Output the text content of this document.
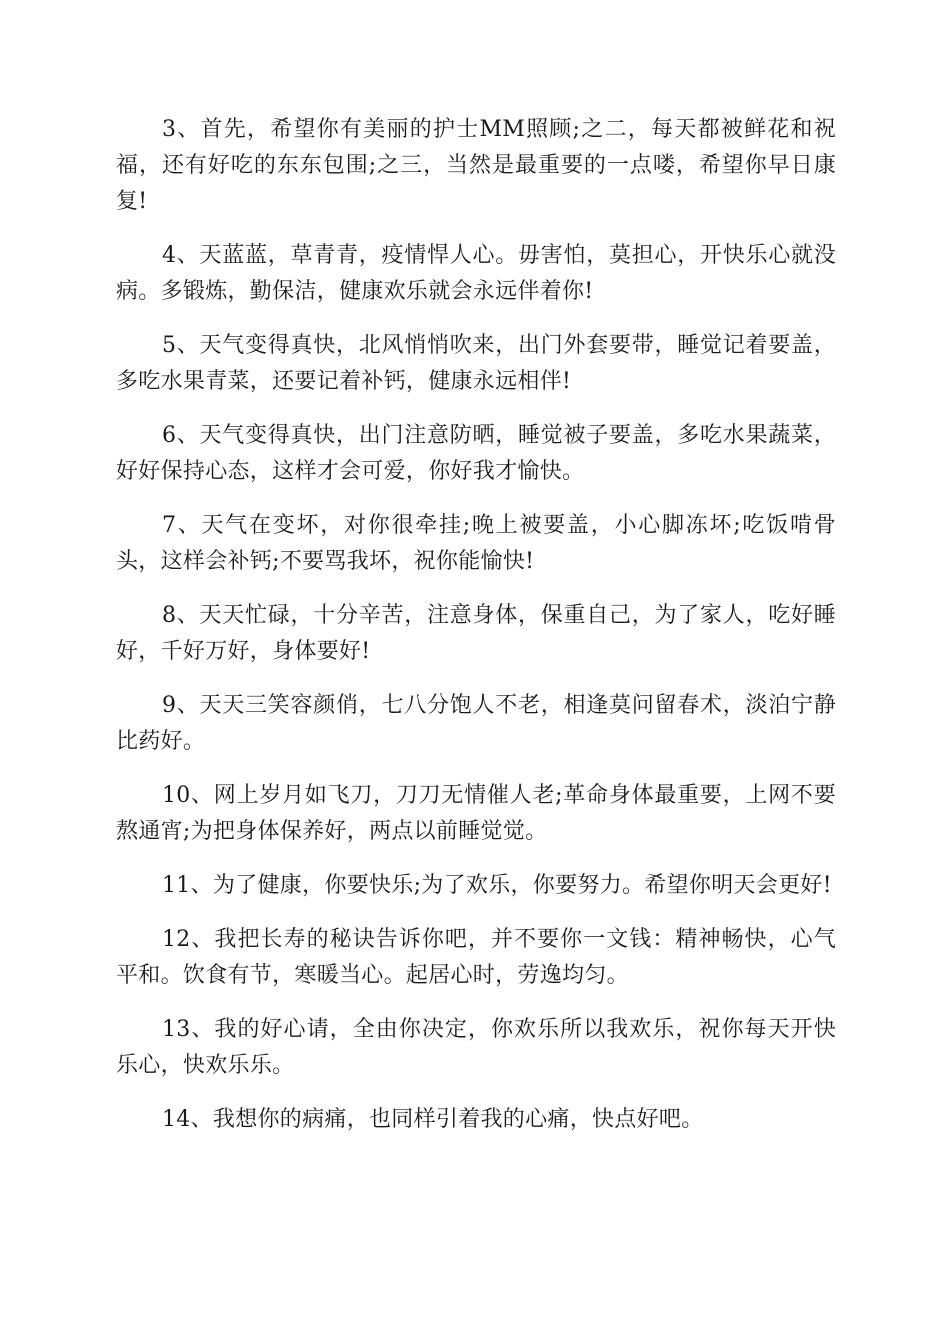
3、首先，希望你有美丽的护士MM照顾;之二，每天都被鲜花和祝福，还有好吃的东东包围;之三，当然是最重要的一点喽，希望你早日康复!

4、天蓝蓝，草青青，疫情悍人心。毋害怕，莫担心，开快乐心就没病。多锻炼，勤保洁，健康欢乐就会永远伴着你!

5、天气变得真快，北风悄悄吹来，出门外套要带，睡觉记着要盖，多吃水果青菜，还要记着补钙，健康永远相伴!

6、天气变得真快，出门注意防晒，睡觉被子要盖，多吃水果蔬菜，好好保持心态，这样才会可爱，你好我才愉快。

7、天气在变坏，对你很牵挂;晚上被要盖，小心脚冻坏;吃饭啃骨头，这样会补钙;不要骂我坏，祝你能愉快!

8、天天忙碌，十分辛苦，注意身体，保重自己，为了家人，吃好睡好，千好万好，身体要好!

9、天天三笑容颜俏，七八分饱人不老，相逢莫问留春术，淡泊宁静比药好。

10、网上岁月如飞刀，刀刀无情催人老;革命身体最重要，上网不要熬通宵;为把身体保养好，两点以前睡觉觉。

11、为了健康，你要快乐;为了欢乐，你要努力。希望你明天会更好!

12、我把长寿的秘诀告诉你吧，并不要你一文钱：精神畅快，心气平和。饮食有节，寒暖当心。起居心时，劳逸均匀。

13、我的好心请，全由你决定，你欢乐所以我欢乐，祝你每天开快乐心，快欢乐乐。

14、我想你的病痛，也同样引着我的心痛，快点好吧。
